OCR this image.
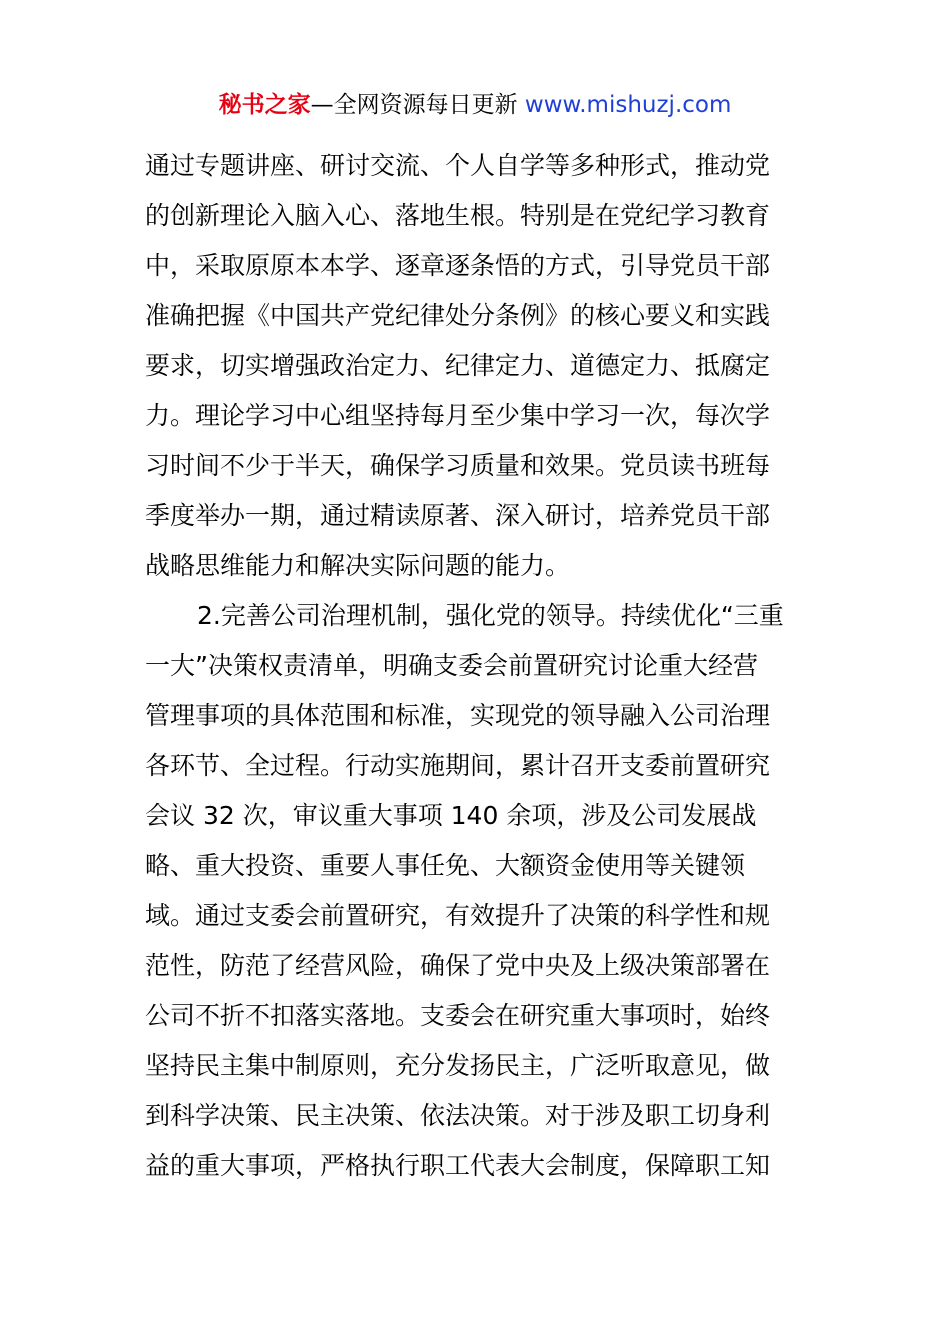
秘书之家—全网资源每日更新 www.mishuzj.com
通过专题讲座、研讨交流、个人自学等多种形式，推动党
的创新理论入脑入心、落地生根。特别是在党纪学习教育
中，采取原原本本学、逐章逐条悟的方式，引导党员干部
准确把握《中国共产党纪律处分条例》的核心要义和实践
要求，切实增强政治定力、纪律定力、道德定力、抵腐定
力。理论学习中心组坚持每月至少集中学习一次，每次学
习时间不少于半天，确保学习质量和效果。党员读书班每
季度举办一期，通过精读原著、深入研讨，培养党员干部
战略思维能力和解决实际问题的能力。
2.完善公司治理机制，强化党的领导。持续优化“三重
一大”决策权责清单，明确支委会前置研究讨论重大经营
管理事项的具体范围和标准，实现党的领导融入公司治理
各环节、全过程。行动实施期间，累计召开支委前置研究
会议 32 次，审议重大事项 140 余项，涉及公司发展战
略、重大投资、重要人事任免、大额资金使用等关键领
域。通过支委会前置研究，有效提升了决策的科学性和规
范性，防范了经营风险，确保了党中央及上级决策部署在
公司不折不扣落实落地。支委会在研究重大事项时，始终
坚持民主集中制原则，充分发扬民主，广泛听取意见，做
到科学决策、民主决策、依法决策。对于涉及职工切身利
益的重大事项，严格执行职工代表大会制度，保障职工知
